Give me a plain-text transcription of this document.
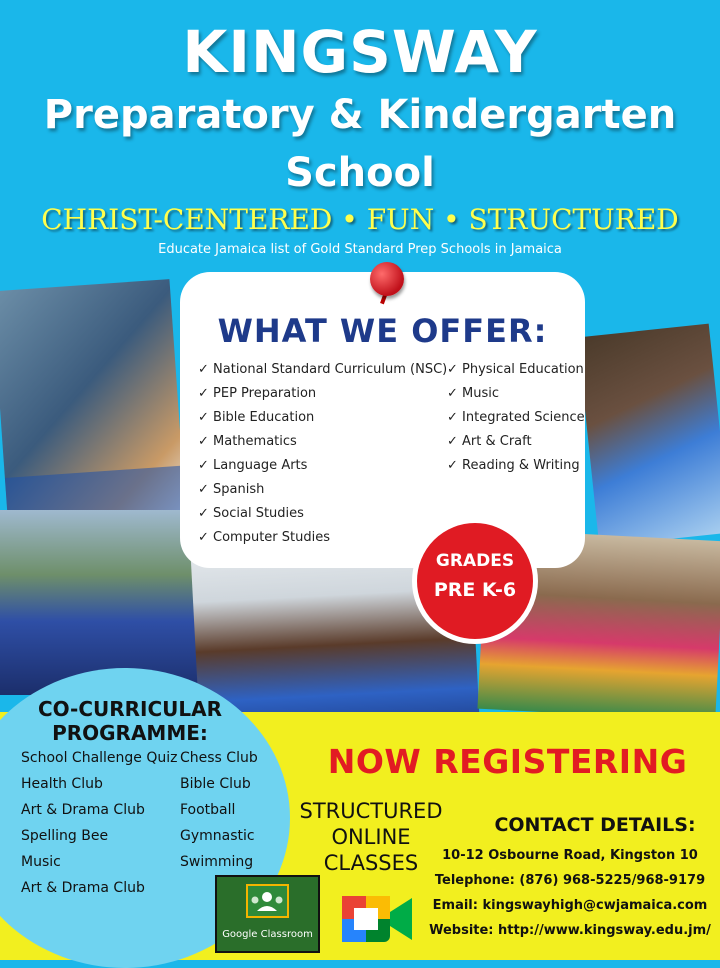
KINGSWAY
Preparatory & Kindergarten
School
CHRIST-CENTERED • FUN • STRUCTURED
Educate Jamaica list of Gold Standard Prep Schools in Jamaica
WHAT WE OFFER:
✓ National Standard Curriculum (NSC)
✓ PEP Preparation
✓ Bible Education
✓ Mathematics
✓ Language Arts
✓ Spanish
✓ Social Studies
✓ Computer Studies
✓ Physical Education
✓ Music
✓ Integrated Science
✓ Art & Craft
✓ Reading & Writing
GRADES
PRE K-6
CO-CURRICULAR
PROGRAMME:
School Challenge Quiz
Health Club
Art & Drama Club
Spelling Bee
Music
Art & Drama Club
Chess Club
Bible Club
Football
Gymnastic
Swimming
NOW REGISTERING
STRUCTURED
ONLINE
CLASSES
Google Classroom
CONTACT DETAILS:
10-12 Osbourne Road, Kingston 10
Telephone: (876) 968-5225/968-9179
Email: kingswayhigh@cwjamaica.com
Website: http://www.kingsway.edu.jm/
